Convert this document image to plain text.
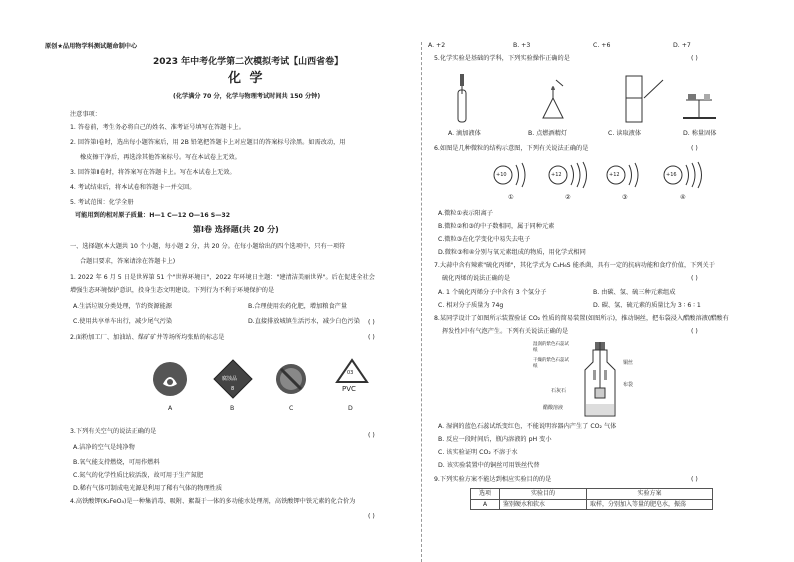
原创★品用物学科测试题命制中心
2023 年中考化学第二次模拟考试【山西省卷】
化 学
(化学满分 70 分，化学与物理考试时间共 150 分钟)
注意事项：
1. 答卷前，考生务必将自己的姓名、准考证号填写在答题卡上。
2. 回答第Ⅰ卷时，选出每小题答案后，用 2B 铅笔把答题卡上对应题目的答案标号涂黑。如需改动，用
橡皮擦干净后，再选涂其他答案标号。写在本试卷上无效。
3. 回答第Ⅱ卷时，将答案写在答题卡上。写在本试卷上无效。
4. 考试结束后，将本试卷和答题卡一并交回。
5. 考试范围：化学全册
可能用到的相对原子质量：H—1 C—12 O—16 S—32
第Ⅰ卷 选择题(共 20 分)
一、选择题(本大题共 10 个小题，每小题 2 分，共 20 分。在每小题给出的四个选项中，只有一项符
合题目要求，答案请涂在答题卡上)
1. 2022 年 6 月 5 日是世界第 51 个"世界环境日"，2022 年环境日主题："建清洁美丽世界"。后在促进全社会
增强生态环境保护意识，投身生态文明建设。下列行为不利于环境保护的是
( )
A.生活垃圾分类处理，节约资源能源	B.合理使用农药化肥，增加粮食产量
C.使用共享单车出行，减少尾气污染	D.直接排放城镇生活污水，减少白色污染
2.面粉加工厂、加油站、煤矿矿井等场所均张贴的标志是	( )
A
腐蚀品
8
B	C
03
PVC
D
3.下列有关空气的说法正确的是
( )
A.洁净的空气是纯净物
B.氧气能支持燃烧，可用作燃料
C.氮气的化学性质比较活泼，故可用于生产氮肥
D.稀有气体可制成电光源是利用了稀有气体的物理性质
4.高铁酸钾(K₂FeO₄)是一种集消毒、吸附、絮凝于一体的多功能水处理剂，高铁酸钾中铁元素的化合价为
( )
A. +2	B. +3	C. +6	D. +7
5.化学实验是基础的学科，下列实验操作正确的是	( )
A. 滴加液体	B. 点燃酒精灯	C. 读取液体	D. 称量固体
6.如图是几种微粒的结构示意图，下列有关说法正确的是	( )
+10	+12	+12	+16
①	②	③	④
A.微粒①表示阳离子
B.微粒②和③的中子数相同，属于同种元素
C.微粒③在化学变化中易失去电子
D.微粒③和④分别与氧元素组成的物质，用化学式相同
7.大蒜中含有辣素"硫化丙烯"，其化学式为 C₃H₆S 能杀菌，具有一定的抗病功能和食疗价值，下列关于
硫化丙烯的说法正确的是	( )
A. 1 个硫化丙烯分子中含有 3 个氢分子	B. 由碳、氢、硫三种元素组成
C. 相对分子质量为 74g	D. 碳、氢、硫元素的质量比为 3 ∶ 6 ∶ 1
8.某同学设计了如图所示装置验证 CO₂ 性质的简易装置(如图所示)，推动铜丝，把布袋浸入醋酸溶液(醋酸有
挥发性)中有气泡产生。下列有关说法正确的是	( )
湿润的紫色石蕊试纸
干燥的紫色石蕊试纸
铜丝
布袋
石灰石
醋酸溶液
A. 湿润的蓝色石蕊试纸变红色，不能说明容器内产生了 CO₂ 气体
B. 反应一段时间后，瓶内溶液的 pH 变小
C. 该实验证明 CO₂ 不溶于水
D. 该实验装置中的铜丝可用铁丝代替
9.下列实验方案不能达到相应实验目的的是	( )
选项	实验目的	实验方案
A	鉴别硬水和软水	取样，分别加入等量的肥皂水，振荡
